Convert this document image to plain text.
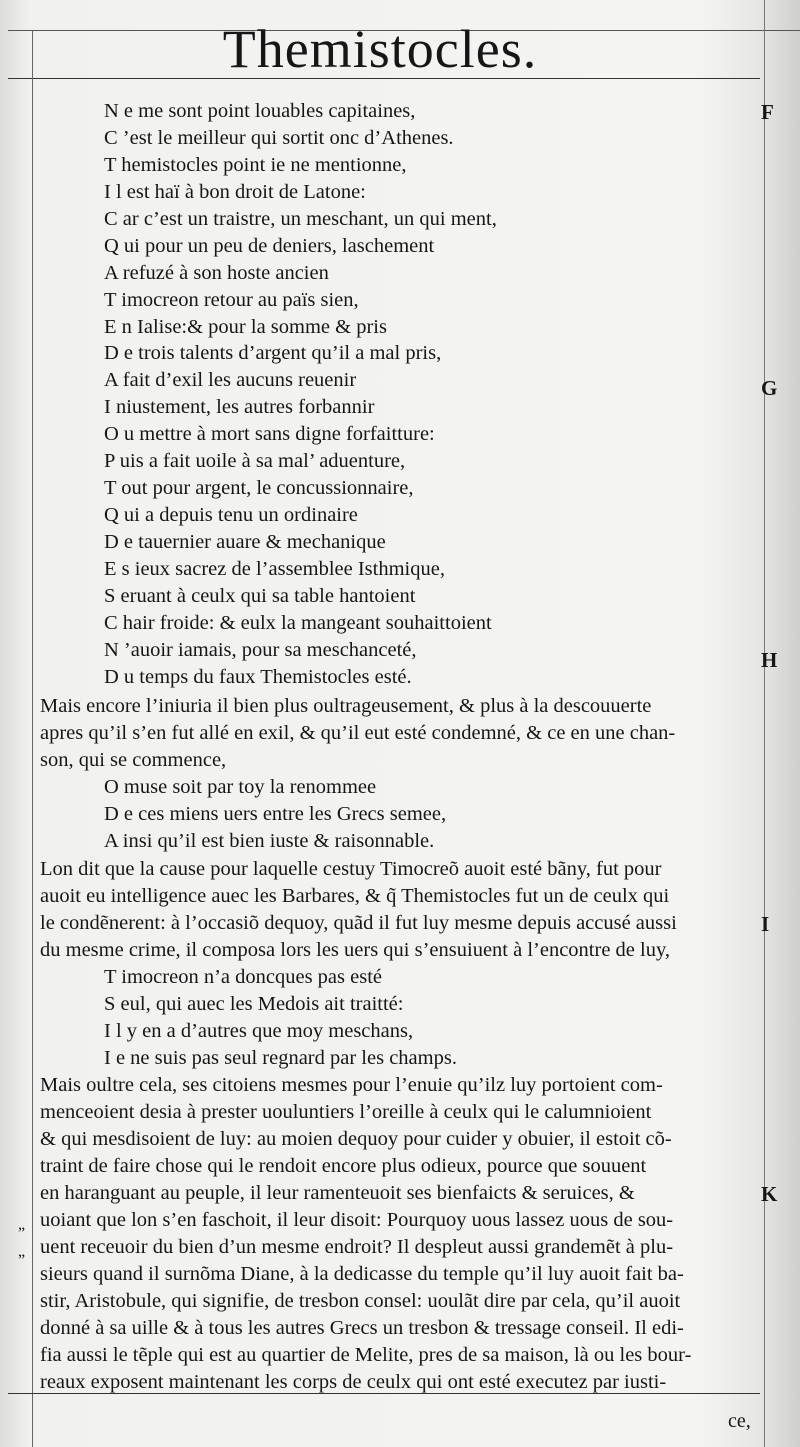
Themistocles.
N e me sont point louables capitaines,
C ’est le meilleur qui sortit onc d’Athenes.
T hemistocles point ie ne mentionne,
I l est haï à bon droit de Latone:
C ar c’est un traistre, un meschant, un qui ment,
Q ui pour un peu de deniers, laschement
A refuzé à son hoste ancien
T imocreon retour au païs sien,
E n Ialise:& pour la somme & pris
D e trois talents d’argent qu’il a mal pris,
A fait d’exil les aucuns reuenir
I niustement, les autres forbannir
O u mettre à mort sans digne forfaitture:
P uis a fait uoile à sa mal’ aduenture,
T out pour argent, le concussionnaire,
Q ui a depuis tenu un ordinaire
D e tauernier auare & mechanique
E s ieux sacrez de l’assemblee Isthmique,
S eruant à ceulx qui sa table hantoient
C hair froide: & eulx la mangeant souhaittoient
N ’auoir iamais, pour sa meschanceté,
D u temps du faux Themistocles esté.
Mais encore l’iniuria il bien plus oultrageusement, & plus à la descouuerte
apres qu’il s’en fut allé en exil, & qu’il eut esté condemné, & ce en une chan-
son, qui se commence,
O muse soit par toy la renommee
D e ces miens uers entre les Grecs semee,
A insi qu’il est bien iuste & raisonnable.
Lon dit que la cause pour laquelle cestuy Timocreõ auoit esté bãny, fut pour
auoit eu intelligence auec les Barbares, & q̃ Themistocles fut un de ceulx qui
le condẽnerent: à l’occasiõ dequoy, quãd il fut luy mesme depuis accusé aussi
du mesme crime, il composa lors les uers qui s’ensuiuent à l’encontre de luy,
T imocreon n’a doncques pas esté
S eul, qui auec les Medois ait traitté:
I l y en a d’autres que moy meschans,
I e ne suis pas seul regnard par les champs.
Mais oultre cela, ses citoiens mesmes pour l’enuie qu’ilz luy portoient com-
menceoient desia à prester uouluntiers l’oreille à ceulx qui le calumnioient
& qui mesdisoient de luy: au moien dequoy pour cuider y obuier, il estoit cõ-
traint de faire chose qui le rendoit encore plus odieux, pource que souuent
en haranguant au peuple, il leur ramenteuoit ses bienfaicts & seruices, &
uoiant que lon s’en faschoit, il leur disoit: Pourquoy uous lassez uous de sou-
uent receuoir du bien d’un mesme endroit? Il despleut aussi grandemẽt à plu-
sieurs quand il surnõma Diane, à la dedicasse du temple qu’il luy auoit fait ba-
stir, Aristobule, qui signifie, de tresbon consel: uoulãt dire par cela, qu’il auoit
donné à sa uille & à tous les autres Grecs un tresbon & tressage conseil. Il edi-
fia aussi le tẽple qui est au quartier de Melite, pres de sa maison, là ou les bour-
reaux exposent maintenant les corps de ceulx qui ont esté executez par iusti-
F
G
H
I
K
„
„
ce,
